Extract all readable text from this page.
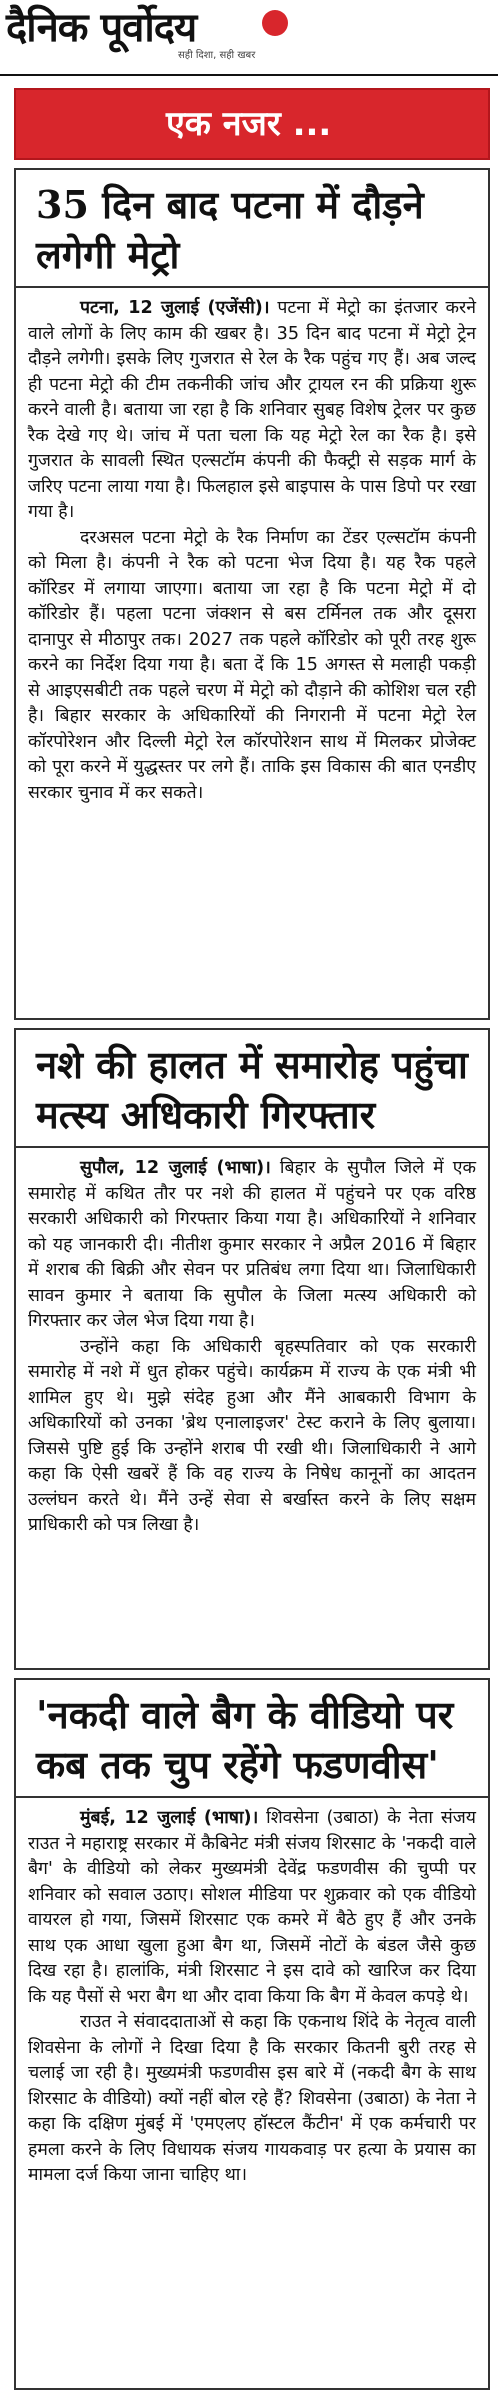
दैनिक पूर्वोदय
सही दिशा, सही खबर
एक नजर ...
35 दिन बाद पटना में दौड़ने लगेगी मेट्रो

पटना, 12 जुलाई (एजेंसी)। पटना में मेट्रो का इंतजार करने वाले लोगों के लिए काम की खबर है। 35 दिन बाद पटना में मेट्रो ट्रेन दौड़ने लगेगी। इसके लिए गुजरात से रेल के रैक पहुंच गए हैं। अब जल्द ही पटना मेट्रो की टीम तकनीकी जांच और ट्रायल रन की प्रक्रिया शुरू करने वाली है। बताया जा रहा है कि शनिवार सुबह विशेष ट्रेलर पर कुछ रैक देखे गए थे। जांच में पता चला कि यह मेट्रो रेल का रैक है। इसे गुजरात के सावली स्थित एल्सटॉम कंपनी की फैक्ट्री से सड़क मार्ग के जरिए पटना लाया गया है। फिलहाल इसे बाइपास के पास डिपो पर रखा गया है।

दरअसल पटना मेट्रो के रैक निर्माण का टेंडर एल्सटॉम कंपनी को मिला है। कंपनी ने रैक को पटना भेज दिया है। यह रैक पहले कॉरिडर में लगाया जाएगा। बताया जा रहा है कि पटना मेट्रो में दो कॉरिडोर हैं। पहला पटना जंक्शन से बस टर्मिनल तक और दूसरा दानापुर से मीठापुर तक। 2027 तक पहले कॉरिडोर को पूरी तरह शुरू करने का निर्देश दिया गया है। बता दें कि 15 अगस्त से मलाही पकड़ी से आइएसबीटी तक पहले चरण में मेट्रो को दौड़ाने की कोशिश चल रही है। बिहार सरकार के अधिकारियों की निगरानी में पटना मेट्रो रेल कॉरपोरेशन और दिल्ली मेट्रो रेल कॉरपोरेशन साथ में मिलकर प्रोजेक्ट को पूरा करने में युद्धस्तर पर लगे हैं। ताकि इस विकास की बात एनडीए सरकार चुनाव में कर सकते।

नशे की हालत में समारोह पहुंचा मत्स्य अधिकारी गिरफ्तार

सुपौल, 12 जुलाई (भाषा)। बिहार के सुपौल जिले में एक समारोह में कथित तौर पर नशे की हालत में पहुंचने पर एक वरिष्ठ सरकारी अधिकारी को गिरफ्तार किया गया है। अधिकारियों ने शनिवार को यह जानकारी दी। नीतीश कुमार सरकार ने अप्रैल 2016 में बिहार में शराब की बिक्री और सेवन पर प्रतिबंध लगा दिया था। जिलाधिकारी सावन कुमार ने बताया कि सुपौल के जिला मत्स्य अधिकारी को गिरफ्तार कर जेल भेज दिया गया है।

उन्होंने कहा कि अधिकारी बृहस्पतिवार को एक सरकारी समारोह में नशे में धुत होकर पहुंचे। कार्यक्रम में राज्य के एक मंत्री भी शामिल हुए थे। मुझे संदेह हुआ और मैंने आबकारी विभाग के अधिकारियों को उनका 'ब्रेथ एनालाइजर' टेस्ट कराने के लिए बुलाया। जिससे पुष्टि हुई कि उन्होंने शराब पी रखी थी। जिलाधिकारी ने आगे कहा कि ऐसी खबरें हैं कि वह राज्य के निषेध कानूनों का आदतन उल्लंघन करते थे। मैंने उन्हें सेवा से बर्खास्त करने के लिए सक्षम प्राधिकारी को पत्र लिखा है।

'नकदी वाले बैग के वीडियो पर कब तक चुप रहेंगे फडणवीस'

मुंबई, 12 जुलाई (भाषा)। शिवसेना (उबाठा) के नेता संजय राउत ने महाराष्ट्र सरकार में कैबिनेट मंत्री संजय शिरसाट के 'नकदी वाले बैग' के वीडियो को लेकर मुख्यमंत्री देवेंद्र फडणवीस की चुप्पी पर शनिवार को सवाल उठाए। सोशल मीडिया पर शुक्रवार को एक वीडियो वायरल हो गया, जिसमें शिरसाट एक कमरे में बैठे हुए हैं और उनके साथ एक आधा खुला हुआ बैग था, जिसमें नोटों के बंडल जैसे कुछ दिख रहा है। हालांकि, मंत्री शिरसाट ने इस दावे को खारिज कर दिया कि यह पैसों से भरा बैग था और दावा किया कि बैग में केवल कपड़े थे।

राउत ने संवाददाताओं से कहा कि एकनाथ शिंदे के नेतृत्व वाली शिवसेना के लोगों ने दिखा दिया है कि सरकार कितनी बुरी तरह से चलाई जा रही है। मुख्यमंत्री फडणवीस इस बारे में (नकदी बैग के साथ शिरसाट के वीडियो) क्यों नहीं बोल रहे हैं? शिवसेना (उबाठा) के नेता ने कहा कि दक्षिण मुंबई में 'एमएलए हॉस्टल कैंटीन' में एक कर्मचारी पर हमला करने के लिए विधायक संजय गायकवाड़ पर हत्या के प्रयास का मामला दर्ज किया जाना चाहिए था।
